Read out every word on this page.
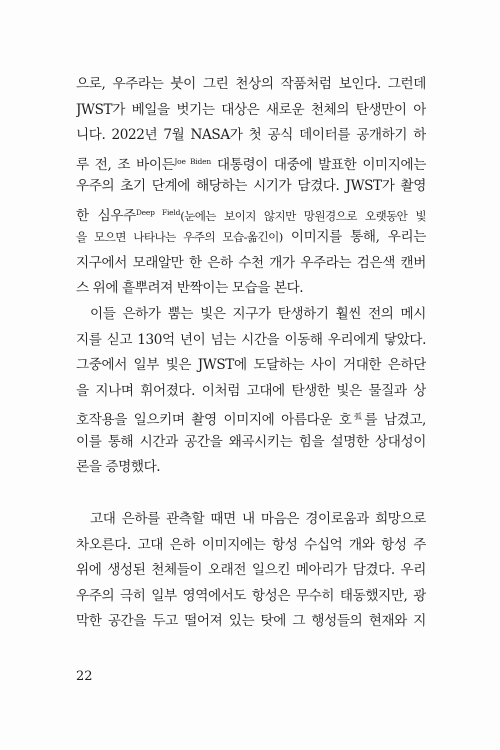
으로, 우주라는 붓이 그린 천상의 작품처럼 보인다. 그런데
JWST가 베일을 벗기는 대상은 새로운 천체의 탄생만이 아
니다. 2022년 7월 NASA가 첫 공식 데이터를 공개하기 하
루 전, 조 바이든$^{Joe Biden}$ 대통령이 대중에 발표한 이미지에는
우주의 초기 단계에 해당하는 시기가 담겼다. JWST가 촬영
한 심우주$^{Deep Field}$(눈에는 보이지 않지만 망원경으로 오랫동안 빛
을 모으면 나타나는 우주의 모습-옮긴이) 이미지를 통해, 우리는
지구에서 모래알만 한 은하 수천 개가 우주라는 검은색 캔버
스 위에 흩뿌려져 반짝이는 모습을 본다.
이들 은하가 뿜는 빛은 지구가 탄생하기 훨씬 전의 메시
지를 싣고 130억 년이 넘는 시간을 이동해 우리에게 닿았다.
그중에서 일부 빛은 JWST에 도달하는 사이 거대한 은하단
을 지나며 휘어졌다. 이처럼 고대에 탄생한 빛은 물질과 상
호작용을 일으키며 촬영 이미지에 아름다운 호$^弧$를 남겼고,
이를 통해 시간과 공간을 왜곡시키는 힘을 설명한 상대성이
론을 증명했다.
고대 은하를 관측할 때면 내 마음은 경이로움과 희망으로
차오른다. 고대 은하 이미지에는 항성 수십억 개와 항성 주
위에 생성된 천체들이 오래전 일으킨 메아리가 담겼다. 우리
우주의 극히 일부 영역에서도 항성은 무수히 태동했지만, 광
막한 공간을 두고 떨어져 있는 탓에 그 행성들의 현재와 지
22
